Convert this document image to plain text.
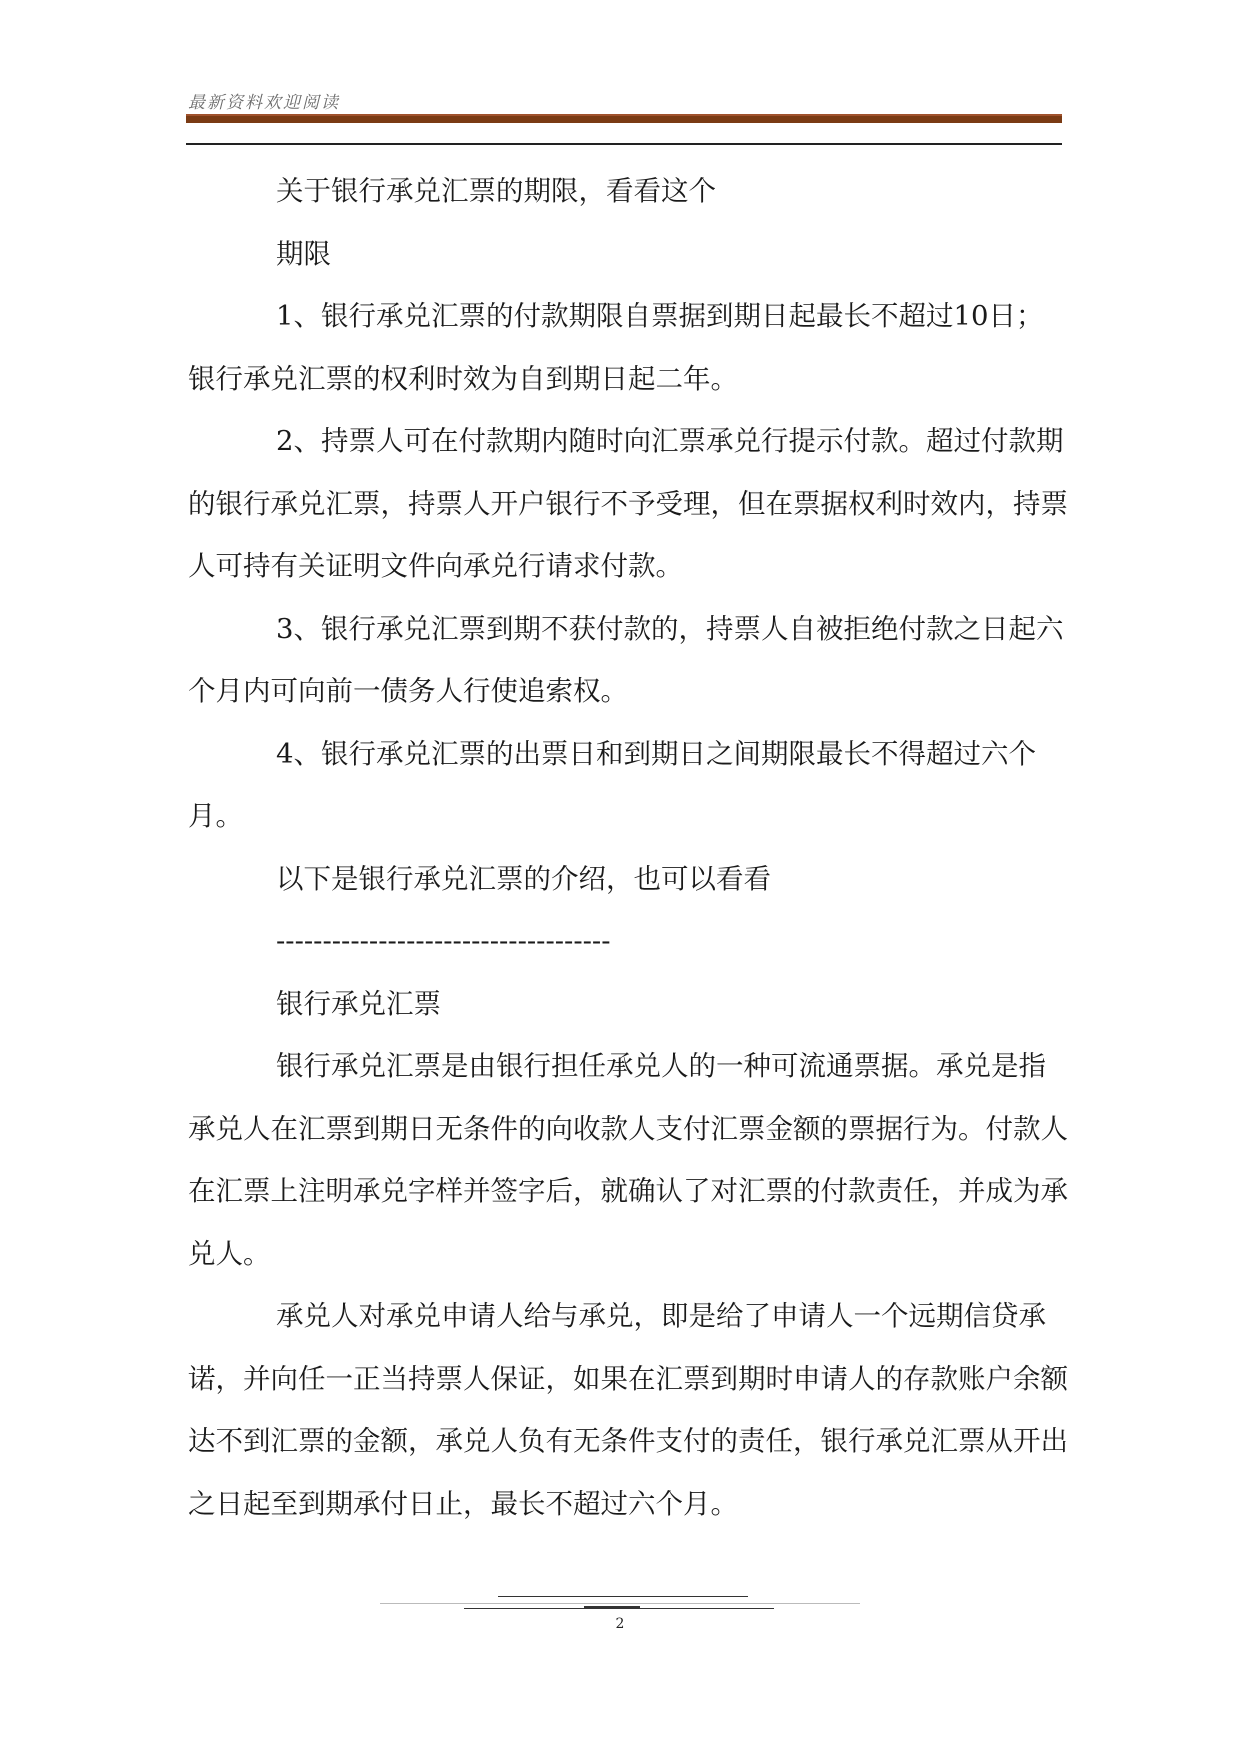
最新资料欢迎阅读

关于银行承兑汇票的期限，看看这个

期限

1、银行承兑汇票的付款期限自票据到期日起最长不超过10日；银行承兑汇票的权利时效为自到期日起二年。

2、持票人可在付款期内随时向汇票承兑行提示付款。超过付款期的银行承兑汇票，持票人开户银行不予受理，但在票据权利时效内，持票人可持有关证明文件向承兑行请求付款。

3、银行承兑汇票到期不获付款的，持票人自被拒绝付款之日起六个月内可向前一债务人行使追索权。

4、银行承兑汇票的出票日和到期日之间期限最长不得超过六个月。

以下是银行承兑汇票的介绍，也可以看看

------------------------------------

银行承兑汇票

银行承兑汇票是由银行担任承兑人的一种可流通票据。承兑是指承兑人在汇票到期日无条件的向收款人支付汇票金额的票据行为。付款人在汇票上注明承兑字样并签字后，就确认了对汇票的付款责任，并成为承兑人。

承兑人对承兑申请人给与承兑，即是给了申请人一个远期信贷承诺，并向任一正当持票人保证，如果在汇票到期时申请人的存款账户余额达不到汇票的金额，承兑人负有无条件支付的责任，银行承兑汇票从开出之日起至到期承付日止，最长不超过六个月。

2
